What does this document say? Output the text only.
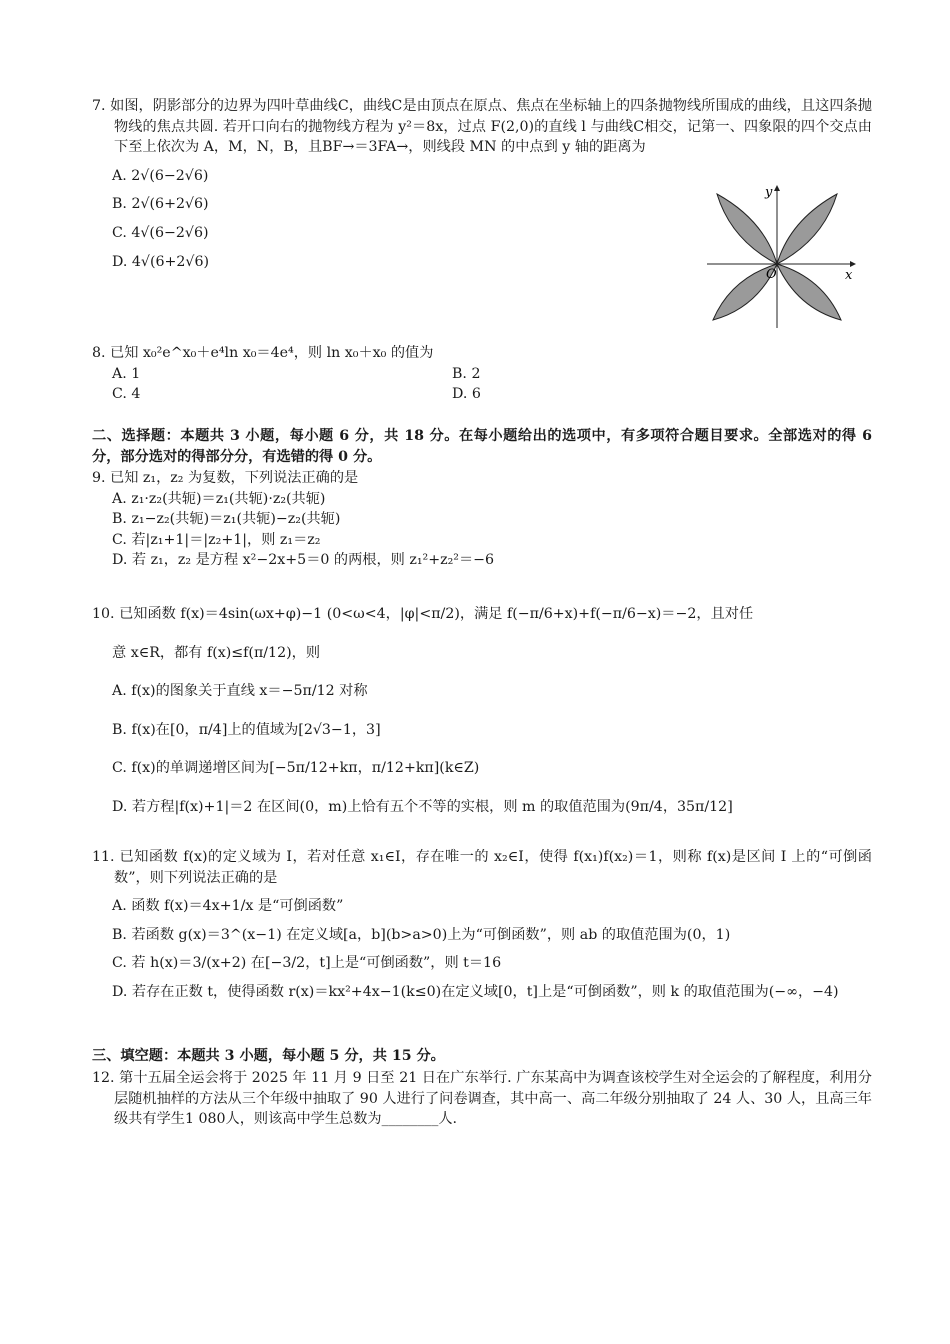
7. 如图，阴影部分的边界为四叶草曲线C，曲线C是由顶点在原点、焦点在坐标轴上的四条抛物线所围成的曲线，且这四条抛物线的焦点共圆. 若开口向右的抛物线方程为 y²＝8x，过点 F(2,0)的直线 l 与曲线C相交，记第一、四象限的四个交点由下至上依次为 A，M，N，B，且BF→＝3FA→，则线段 MN 的中点到 y 轴的距离为

A. 2√(6−2√6)

B. 2√(6+2√6)

C. 4√(6−2√6)

D. 4√(6+2√6)

y
x
O

8. 已知 x₀²e^x₀＋e⁴ln x₀＝4e⁴，则 ln x₀＋x₀ 的值为

A. 1	B. 2
C. 4	D. 6

二、选择题：本题共 3 小题，每小题 6 分，共 18 分。在每小题给出的选项中，有多项符合题目要求。全部选对的得 6 分，部分选对的得部分分，有选错的得 0 分。

9. 已知 z₁，z₂ 为复数，下列说法正确的是

A. z₁·z₂(共轭)＝z₁(共轭)·z₂(共轭)

B. z₁−z₂(共轭)＝z₁(共轭)−z₂(共轭)

C. 若|z₁+1|＝|z₂+1|，则 z₁＝z₂

D. 若 z₁，z₂ 是方程 x²−2x+5＝0 的两根，则 z₁²+z₂²＝−6

10. 已知函数 f(x)＝4sin(ωx+φ)−1 (0<ω<4，|φ|<π/2)，满足 f(−π/6+x)+f(−π/6−x)＝−2，且对任

意 x∈R，都有 f(x)≤f(π/12)，则

A. f(x)的图象关于直线 x＝−5π/12 对称

B. f(x)在[0，π/4]上的值域为[2√3−1，3]

C. f(x)的单调递增区间为[−5π/12+kπ，π/12+kπ](k∈Z)

D. 若方程|f(x)+1|＝2 在区间(0，m)上恰有五个不等的实根，则 m 的取值范围为(9π/4，35π/12]

11. 已知函数 f(x)的定义域为 I，若对任意 x₁∈I，存在唯一的 x₂∈I，使得 f(x₁)f(x₂)＝1，则称 f(x)是区间 I 上的“可倒函数”，则下列说法正确的是

A. 函数 f(x)＝4x+1/x 是“可倒函数”

B. 若函数 g(x)＝3^(x−1) 在定义域[a，b](b>a>0)上为“可倒函数”，则 ab 的取值范围为(0，1)

C. 若 h(x)＝3/(x+2) 在[−3/2，t]上是“可倒函数”，则 t＝16

D. 若存在正数 t，使得函数 r(x)＝kx²+4x−1(k≤0)在定义域[0，t]上是“可倒函数”，则 k 的取值范围为(−∞，−4)

三、填空题：本题共 3 小题，每小题 5 分，共 15 分。

12. 第十五届全运会将于 2025 年 11 月 9 日至 21 日在广东举行. 广东某高中为调查该校学生对全运会的了解程度，利用分层随机抽样的方法从三个年级中抽取了 90 人进行了问卷调查，其中高一、高二年级分别抽取了 24 人、30 人，且高三年级共有学生1 080人，则该高中学生总数为________人.
